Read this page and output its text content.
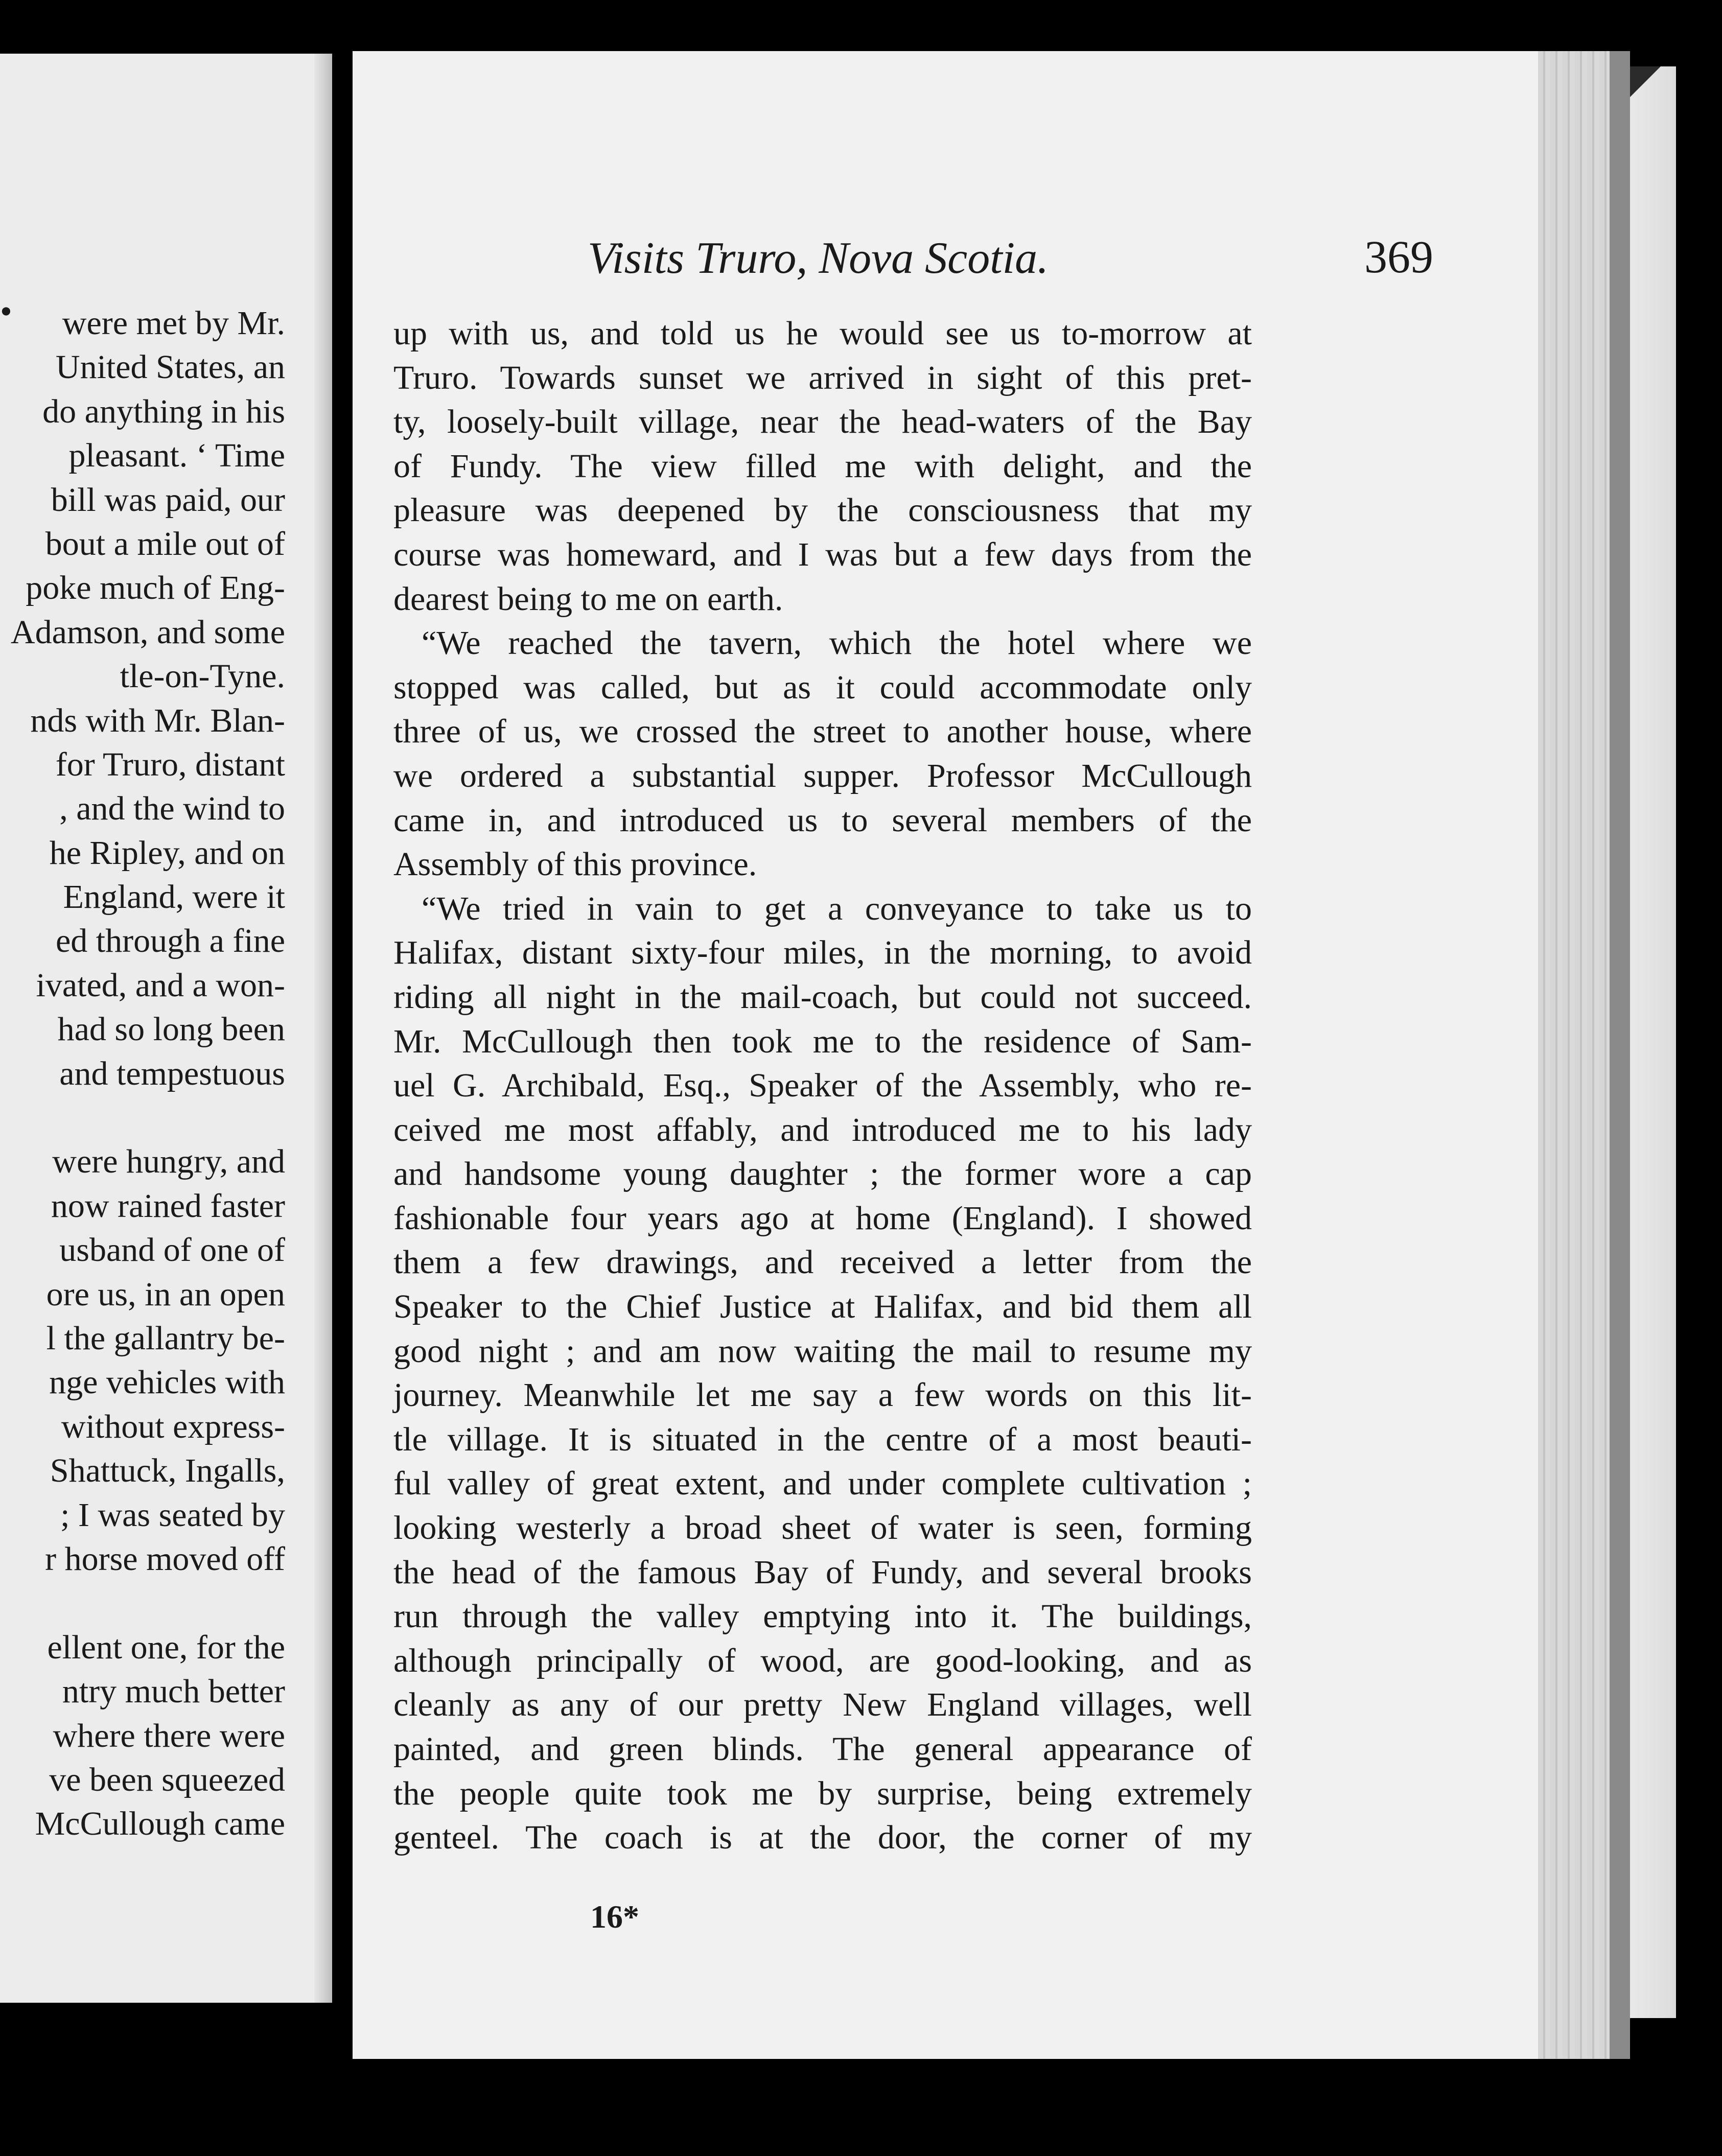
•	were met by Mr.
United States, an
do anything in his
pleasant. ‘ Time
bill was paid, our
bout a mile out of
poke much of Eng-
Adamson, and some
tle-on-Tyne.
nds with Mr. Blan-
for Truro, distant
, and the wind to
he Ripley, and on
England, were it
ed through a fine
ivated, and a won-
had so long been
and tempestuous
were hungry, and
now rained faster
usband of one of
ore us, in an open
l the gallantry be-
nge vehicles with
without express-
Shattuck, Ingalls,
; I was seated by
r horse moved off
ellent one, for the
ntry much better
where there were
ve been squeezed
McCullough came
Visits Truro, Nova Scotia.	369
up with us, and told us he would see us to-morrow at
Truro. Towards sunset we arrived in sight of this pret-
ty, loosely-built village, near the head-waters of the Bay
of Fundy. The view filled me with delight, and the
pleasure was deepened by the consciousness that my
course was homeward, and I was but a few days from the
dearest being to me on earth.
“We reached the tavern, which the hotel where we
stopped was called, but as it could accommodate only
three of us, we crossed the street to another house, where
we ordered a substantial supper. Professor McCullough
came in, and introduced us to several members of the
Assembly of this province.
“We tried in vain to get a conveyance to take us to
Halifax, distant sixty-four miles, in the morning, to avoid
riding all night in the mail-coach, but could not succeed.
Mr. McCullough then took me to the residence of Sam-
uel G. Archibald, Esq., Speaker of the Assembly, who re-
ceived me most affably, and introduced me to his lady
and handsome young daughter ; the former wore a cap
fashionable four years ago at home (England). I showed
them a few drawings, and received a letter from the
Speaker to the Chief Justice at Halifax, and bid them all
good night ; and am now waiting the mail to resume my
journey. Meanwhile let me say a few words on this lit-
tle village. It is situated in the centre of a most beauti-
ful valley of great extent, and under complete cultivation ;
looking westerly a broad sheet of water is seen, forming
the head of the famous Bay of Fundy, and several brooks
run through the valley emptying into it. The buildings,
although principally of wood, are good-looking, and as
cleanly as any of our pretty New England villages, well
painted, and green blinds. The general appearance of
the people quite took me by surprise, being extremely
genteel. The coach is at the door, the corner of my
16*
